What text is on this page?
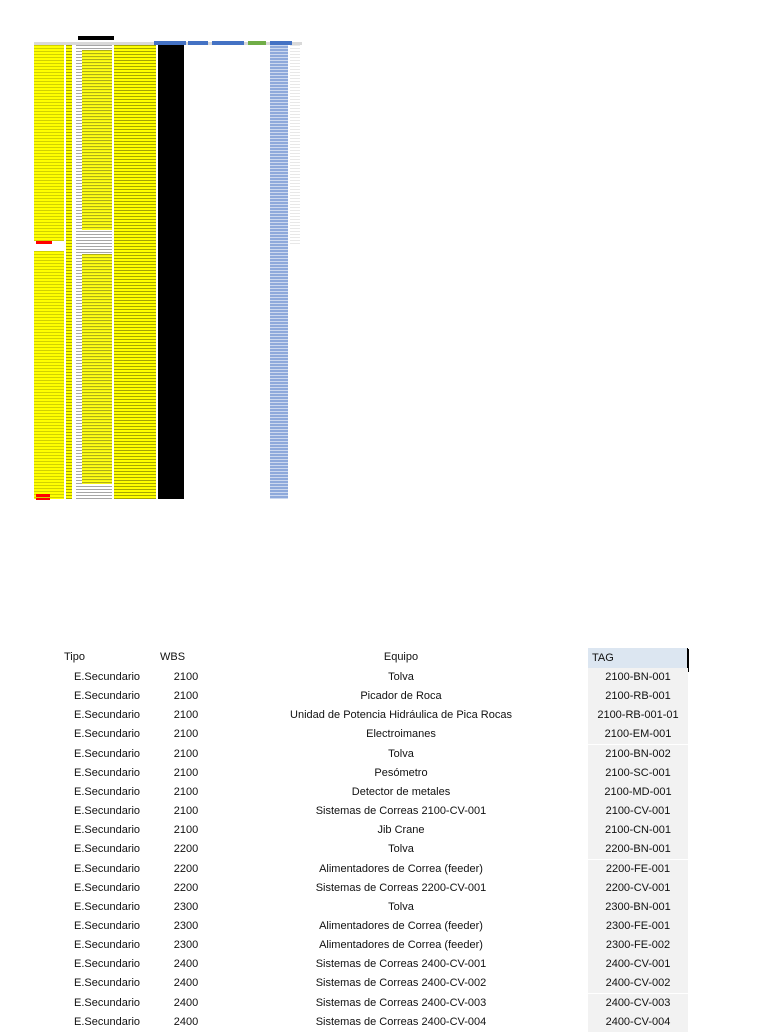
Tipo	WBS	Equipo	TAG
E.Secundario	2100	Tolva	2100-BN-001
E.Secundario	2100	Picador de Roca	2100-RB-001
E.Secundario	2100	Unidad de Potencia Hidráulica de Pica Rocas	2100-RB-001-01
E.Secundario	2100	Electroimanes	2100-EM-001
E.Secundario	2100	Tolva	2100-BN-002
E.Secundario	2100	Pesómetro	2100-SC-001
E.Secundario	2100	Detector de metales	2100-MD-001
E.Secundario	2100	Sistemas de Correas 2100-CV-001	2100-CV-001
E.Secundario	2100	Jib Crane	2100-CN-001
E.Secundario	2200	Tolva	2200-BN-001
E.Secundario	2200	Alimentadores de Correa (feeder)	2200-FE-001
E.Secundario	2200	Sistemas de Correas 2200-CV-001	2200-CV-001
E.Secundario	2300	Tolva	2300-BN-001
E.Secundario	2300	Alimentadores de Correa (feeder)	2300-FE-001
E.Secundario	2300	Alimentadores de Correa (feeder)	2300-FE-002
E.Secundario	2400	Sistemas de Correas 2400-CV-001	2400-CV-001
E.Secundario	2400	Sistemas de Correas 2400-CV-002	2400-CV-002
E.Secundario	2400	Sistemas de Correas 2400-CV-003	2400-CV-003
E.Secundario	2400	Sistemas de Correas 2400-CV-004	2400-CV-004
